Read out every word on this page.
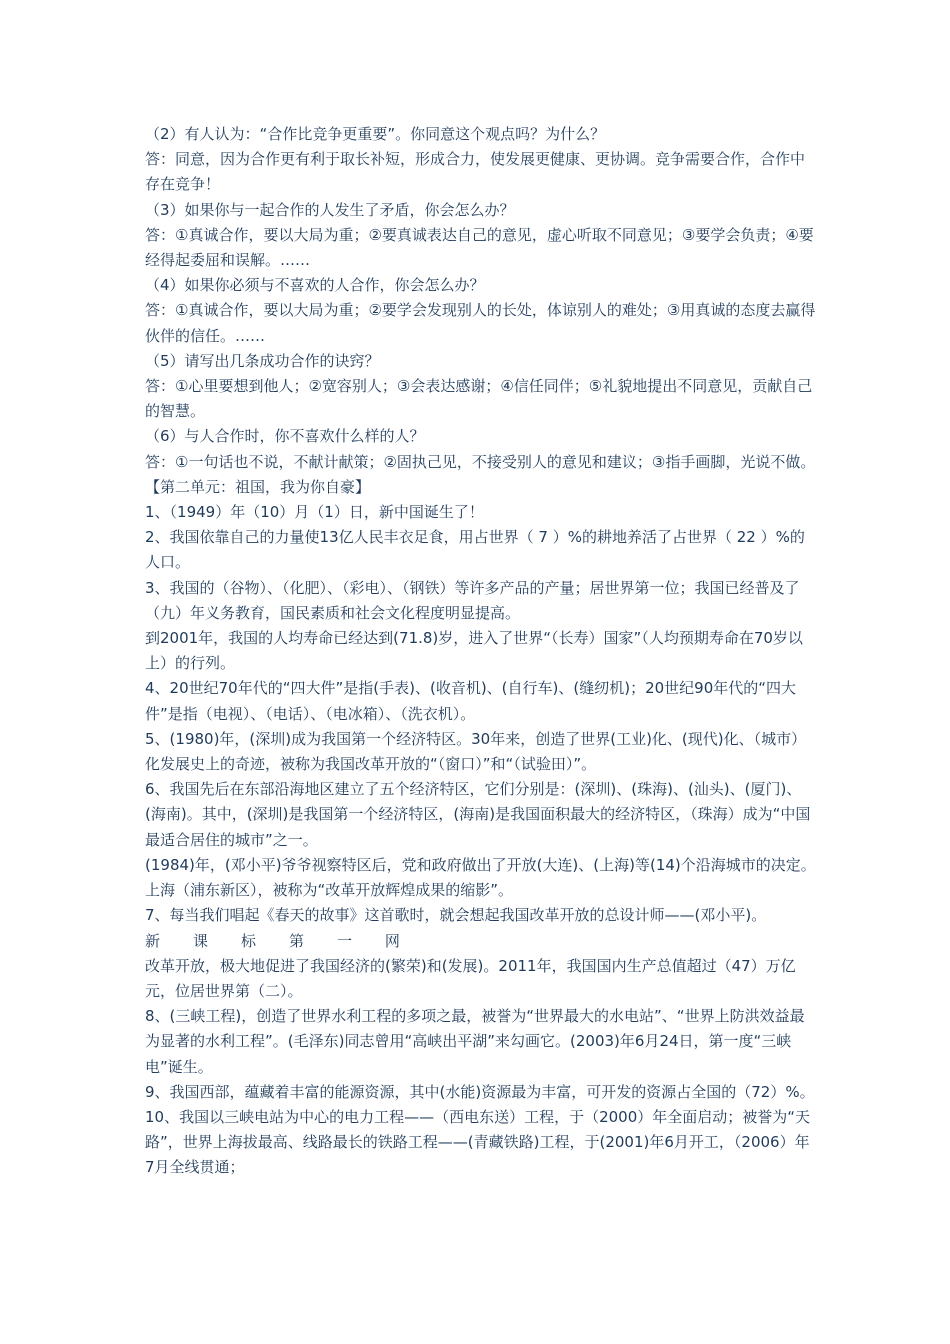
（2）有人认为：“合作比竞争更重要”。你同意这个观点吗？为什么？

答：同意，因为合作更有利于取长补短，形成合力，使发展更健康、更协调。竞争需要合作，合作中存在竞争！

（3）如果你与一起合作的人发生了矛盾，你会怎么办？

答：①真诚合作，要以大局为重；②要真诚表达自己的意见，虚心听取不同意见；③要学会负责；④要经得起委屈和误解。……

（4）如果你必须与不喜欢的人合作，你会怎么办？

答：①真诚合作，要以大局为重；②要学会发现别人的长处，体谅别人的难处；③用真诚的态度去赢得伙伴的信任。……

（5）请写出几条成功合作的诀窍？

答：①心里要想到他人；②宽容别人；③会表达感谢；④信任同伴；⑤礼貌地提出不同意见，贡献自己的智慧。

（6）与人合作时，你不喜欢什么样的人？

答：①一句话也不说，不献计献策；②固执己见，不接受别人的意见和建议；③指手画脚，光说不做。

【第二单元：祖国，我为你自豪】

1、（1949）年（10）月（1）日，新中国诞生了！

2、我国依靠自己的力量使13亿人民丰衣足食，用占世界（ 7 ）%的耕地养活了占世界（ 22 ）%的人口。

3、我国的（谷物）、（化肥）、（彩电）、（钢铁）等许多产品的产量；居世界第一位；我国已经普及了（九）年义务教育，国民素质和社会文化程度明显提高。

到2001年，我国的人均寿命已经达到(71.8)岁，进入了世界“（长寿）国家”（人均预期寿命在70岁以上）的行列。

4、20世纪70年代的“四大件”是指(手表)、(收音机)、(自行车)、(缝纫机)；20世纪90年代的“四大件”是指（电视）、（电话）、（电冰箱）、（洗衣机）。

5、(1980)年，(深圳)成为我国第一个经济特区。30年来，创造了世界(工业)化、(现代)化、（城市）化发展史上的奇迹，被称为我国改革开放的“（窗口）”和“（试验田）”。

6、我国先后在东部沿海地区建立了五个经济特区，它们分别是：(深圳)、(珠海)、(汕头)、(厦门)、(海南)。其中，(深圳)是我国第一个经济特区，(海南)是我国面积最大的经济特区，（珠海）成为“中国最适合居住的城市”之一。

(1984)年，(邓小平)爷爷视察特区后，党和政府做出了开放(大连)、(上海)等(14)个沿海城市的决定。上海（浦东新区），被称为“改革开放辉煌成果的缩影”。

7、每当我们唱起《春天的故事》这首歌时，就会想起我国改革开放的总设计师——(邓小平)。

新 课 标 第 一 网

改革开放，极大地促进了我国经济的(繁荣)和(发展)。2011年，我国国内生产总值超过（47）万亿元，位居世界第（二）。

8、(三峡工程)，创造了世界水利工程的多项之最，被誉为“世界最大的水电站”、“世界上防洪效益最为显著的水利工程”。(毛泽东)同志曾用“高峡出平湖”来勾画它。(2003)年6月24日，第一度“三峡电”诞生。

9、我国西部，蕴藏着丰富的能源资源，其中(水能)资源最为丰富，可开发的资源占全国的（72）%。

10、我国以三峡电站为中心的电力工程——（西电东送）工程，于（2000）年全面启动；被誉为“天路”，世界上海拔最高、线路最长的铁路工程——(青藏铁路)工程，于(2001)年6月开工，（2006）年7月全线贯通；
